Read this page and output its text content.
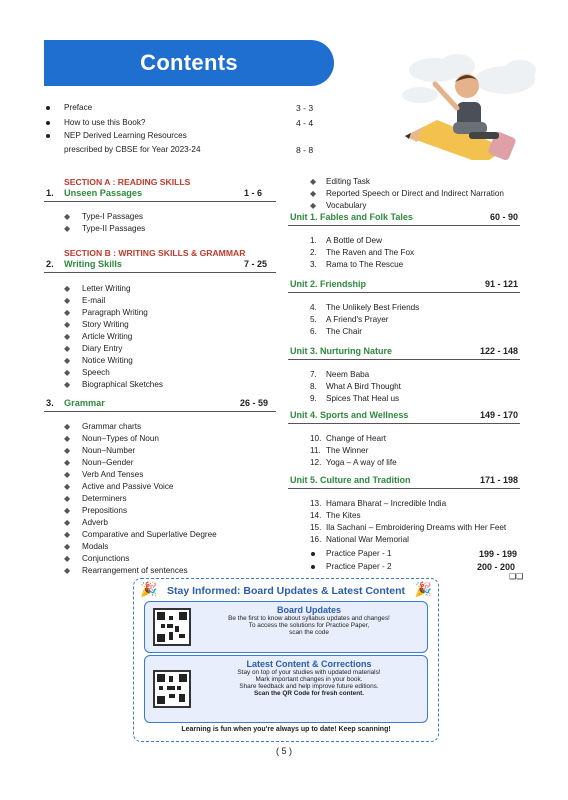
Contents
Preface	3 - 3
How to use this Book?	4 - 4
NEP Derived Learning Resources
prescribed by CBSE for Year 2023-24	8 - 8
SECTION A : READING SKILLS
1. Unseen Passages	1 - 6
◆ Type-I Passages
◆ Type-II Passages
SECTION B : WRITING SKILLS & GRAMMAR
2. Writing Skills	7 - 25
◆ Letter Writing
◆ E-mail
◆ Paragraph Writing
◆ Story Writing
◆ Article Writing
◆ Diary Entry
◆ Notice Writing
◆ Speech
◆ Biographical Sketches
3. Grammar	26 - 59
◆ Grammar charts
◆ Noun–Types of Noun
◆ Noun–Number
◆ Noun–Gender
◆ Verb And Tenses
◆ Active and Passive Voice
◆ Determiners
◆ Prepositions
◆ Adverb
◆ Comparative and Superlative Degree
◆ Modals
◆ Conjunctions
◆ Rearrangement of sentences
◆ Editing Task
◆ Reported Speech or Direct and Indirect Narration
◆ Vocabulary
Unit 1. Fables and Folk Tales	60 - 90
1. A Bottle of Dew
2. The Raven and The Fox
3. Rama to The Rescue
Unit 2. Friendship	91 - 121
4. The Unlikely Best Friends
5. A Friend's Prayer
6. The Chair
Unit 3. Nurturing Nature	122 - 148
7. Neem Baba
8. What A Bird Thought
9. Spices That Heal us
Unit 4. Sports and Wellness	149 - 170
10. Change of Heart
11. The Winner
12. Yoga – A way of life
Unit 5. Culture and Tradition	171 - 198
13. Hamara Bharat – Incredible India
14. The Kites
15. Ila Sachani – Embroidering Dreams with Her Feet
16. National War Memorial
Practice Paper - 1	199 - 199
Practice Paper - 2	200 - 200
❑❑
🎉	🎉
Stay Informed: Board Updates & Latest Content
Board Updates
Be the first to know about syllabus updates and changes!
To access the solutions for Practice Paper,
scan the code
Latest Content & Corrections
Stay on top of your studies with updated materials!
Mark important changes in your book.
Share feedback and help improve future editions.
Scan the QR Code for fresh content.
Learning is fun when you're always up to date! Keep scanning!
( 5 )
